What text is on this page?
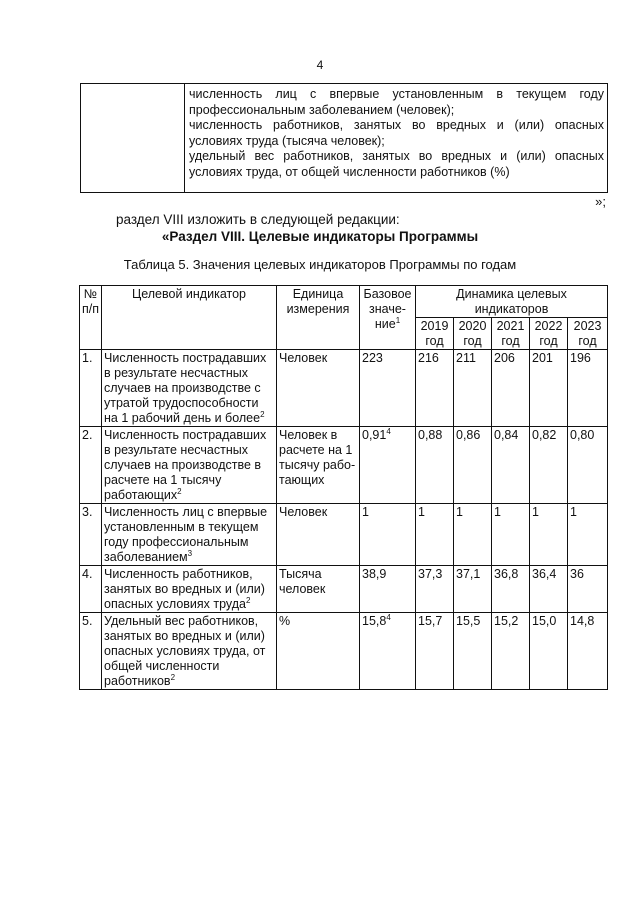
4

численность лиц с впервые установленным в текущем году профессиональным заболеванием (человек);
численность работников, занятых во вредных и (или) опасных условиях труда (тысяча человек);
удельный вес работников, занятых во вредных и (или) опасных условиях труда, от общей численности работников (%)
»;
раздел VIII изложить в следующей редакции:
«Раздел VIII. Целевые индикаторы Программы
Таблица 5. Значения целевых индикаторов Программы по годам
№ п/п	Целевой индикатор	Единица измерения	Базовое значе- ние$^1$	Динамика целевых индикаторов				
				2019 год	2020 год	2021 год	2022 год	2023 год
1.	Численность пострадавших в результате несчастных случаев на производстве с утратой трудоспособности на 1 рабочий день и более$^2$	Человек	223	216	211	206	201	196
2.	Численность пострадавших в результате несчастных случаев на производстве в расчете на 1 тысячу работающих$^2$	Человек в расчете на 1 тысячу работающих	0,91$^4$	0,88	0,86	0,84	0,82	0,80
3.	Численность лиц с впервые установленным в текущем году профессиональным заболеванием$^3$	Человек	1	1	1	1	1	1
4.	Численность работников, занятых во вредных и (или) опасных условиях труда$^2$	Тысяча человек	38,9	37,3	37,1	36,8	36,4	36
5.	Удельный вес работников, занятых во вредных и (или) опасных условиях труда, от общей численности работников$^2$	%	15,8$^4$	15,7	15,5	15,2	15,0	14,8
